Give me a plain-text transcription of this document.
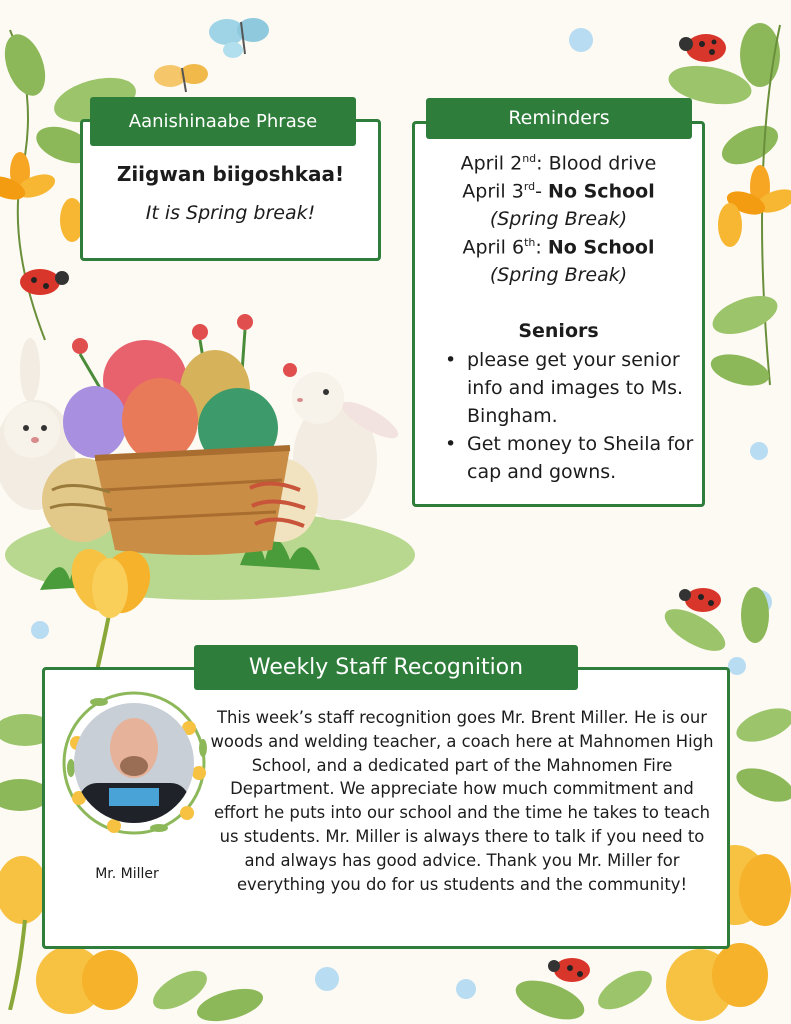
Ziigwan biigoshkaa!
It is Spring break!
Aanishinaabe Phrase
April 2nd: Blood drive
April 3rd- No School
(Spring Break)
April 6th: No School
(Spring Break)
Seniors
• please get your senior info and images to Ms. Bingham.
• Get money to Sheila for cap and gowns.
Reminders
Mr. Miller
This week’s staff recognition goes Mr. Brent Miller. He is our woods and welding teacher, a coach here at Mahnomen High School, and a dedicated part of the Mahnomen Fire Department. We appreciate how much commitment and effort he puts into our school and the time he takes to teach us students. Mr. Miller is always there to talk if you need to and always has good advice. Thank you Mr. Miller for everything you do for us students and the community!
Weekly Staff Recognition
